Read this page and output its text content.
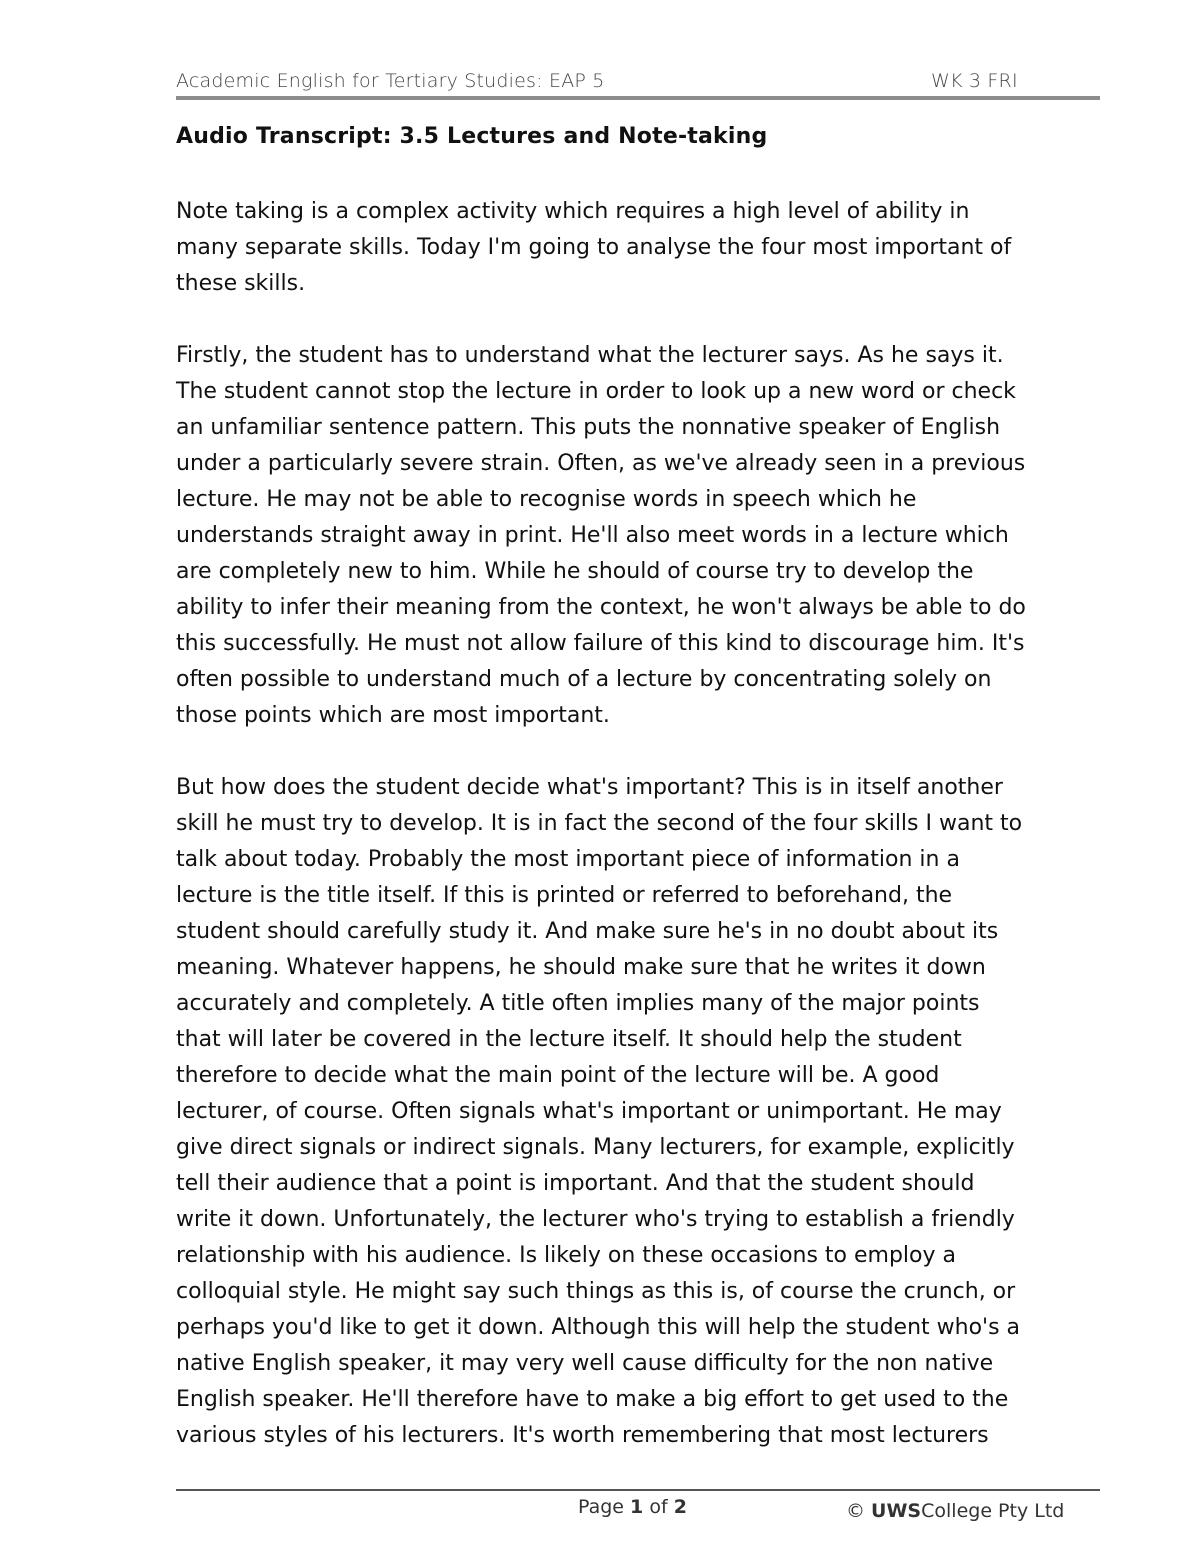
Academic English for Tertiary Studies: EAP 5	WK 3 FRI
Audio Transcript: 3.5 Lectures and Note-taking

Note taking is a complex activity which requires a high level of ability in
many separate skills. Today I'm going to analyse the four most important of
these skills.

Firstly, the student has to understand what the lecturer says. As he says it.
The student cannot stop the lecture in order to look up a new word or check
an unfamiliar sentence pattern. This puts the nonnative speaker of English
under a particularly severe strain. Often, as we've already seen in a previous
lecture. He may not be able to recognise words in speech which he
understands straight away in print. He'll also meet words in a lecture which
are completely new to him. While he should of course try to develop the
ability to infer their meaning from the context, he won't always be able to do
this successfully. He must not allow failure of this kind to discourage him. It's
often possible to understand much of a lecture by concentrating solely on
those points which are most important.

But how does the student decide what's important? This is in itself another
skill he must try to develop. It is in fact the second of the four skills I want to
talk about today. Probably the most important piece of information in a
lecture is the title itself. If this is printed or referred to beforehand, the
student should carefully study it. And make sure he's in no doubt about its
meaning. Whatever happens, he should make sure that he writes it down
accurately and completely. A title often implies many of the major points
that will later be covered in the lecture itself. It should help the student
therefore to decide what the main point of the lecture will be. A good
lecturer, of course. Often signals what's important or unimportant. He may
give direct signals or indirect signals. Many lecturers, for example, explicitly
tell their audience that a point is important. And that the student should
write it down. Unfortunately, the lecturer who's trying to establish a friendly
relationship with his audience. Is likely on these occasions to employ a
colloquial style. He might say such things as this is, of course the crunch, or
perhaps you'd like to get it down. Although this will help the student who's a
native English speaker, it may very well cause difficulty for the non native
English speaker. He'll therefore have to make a big effort to get used to the
various styles of his lecturers. It's worth remembering that most lecturers

Page 1 of 2	© UWSCollege Pty Ltd
